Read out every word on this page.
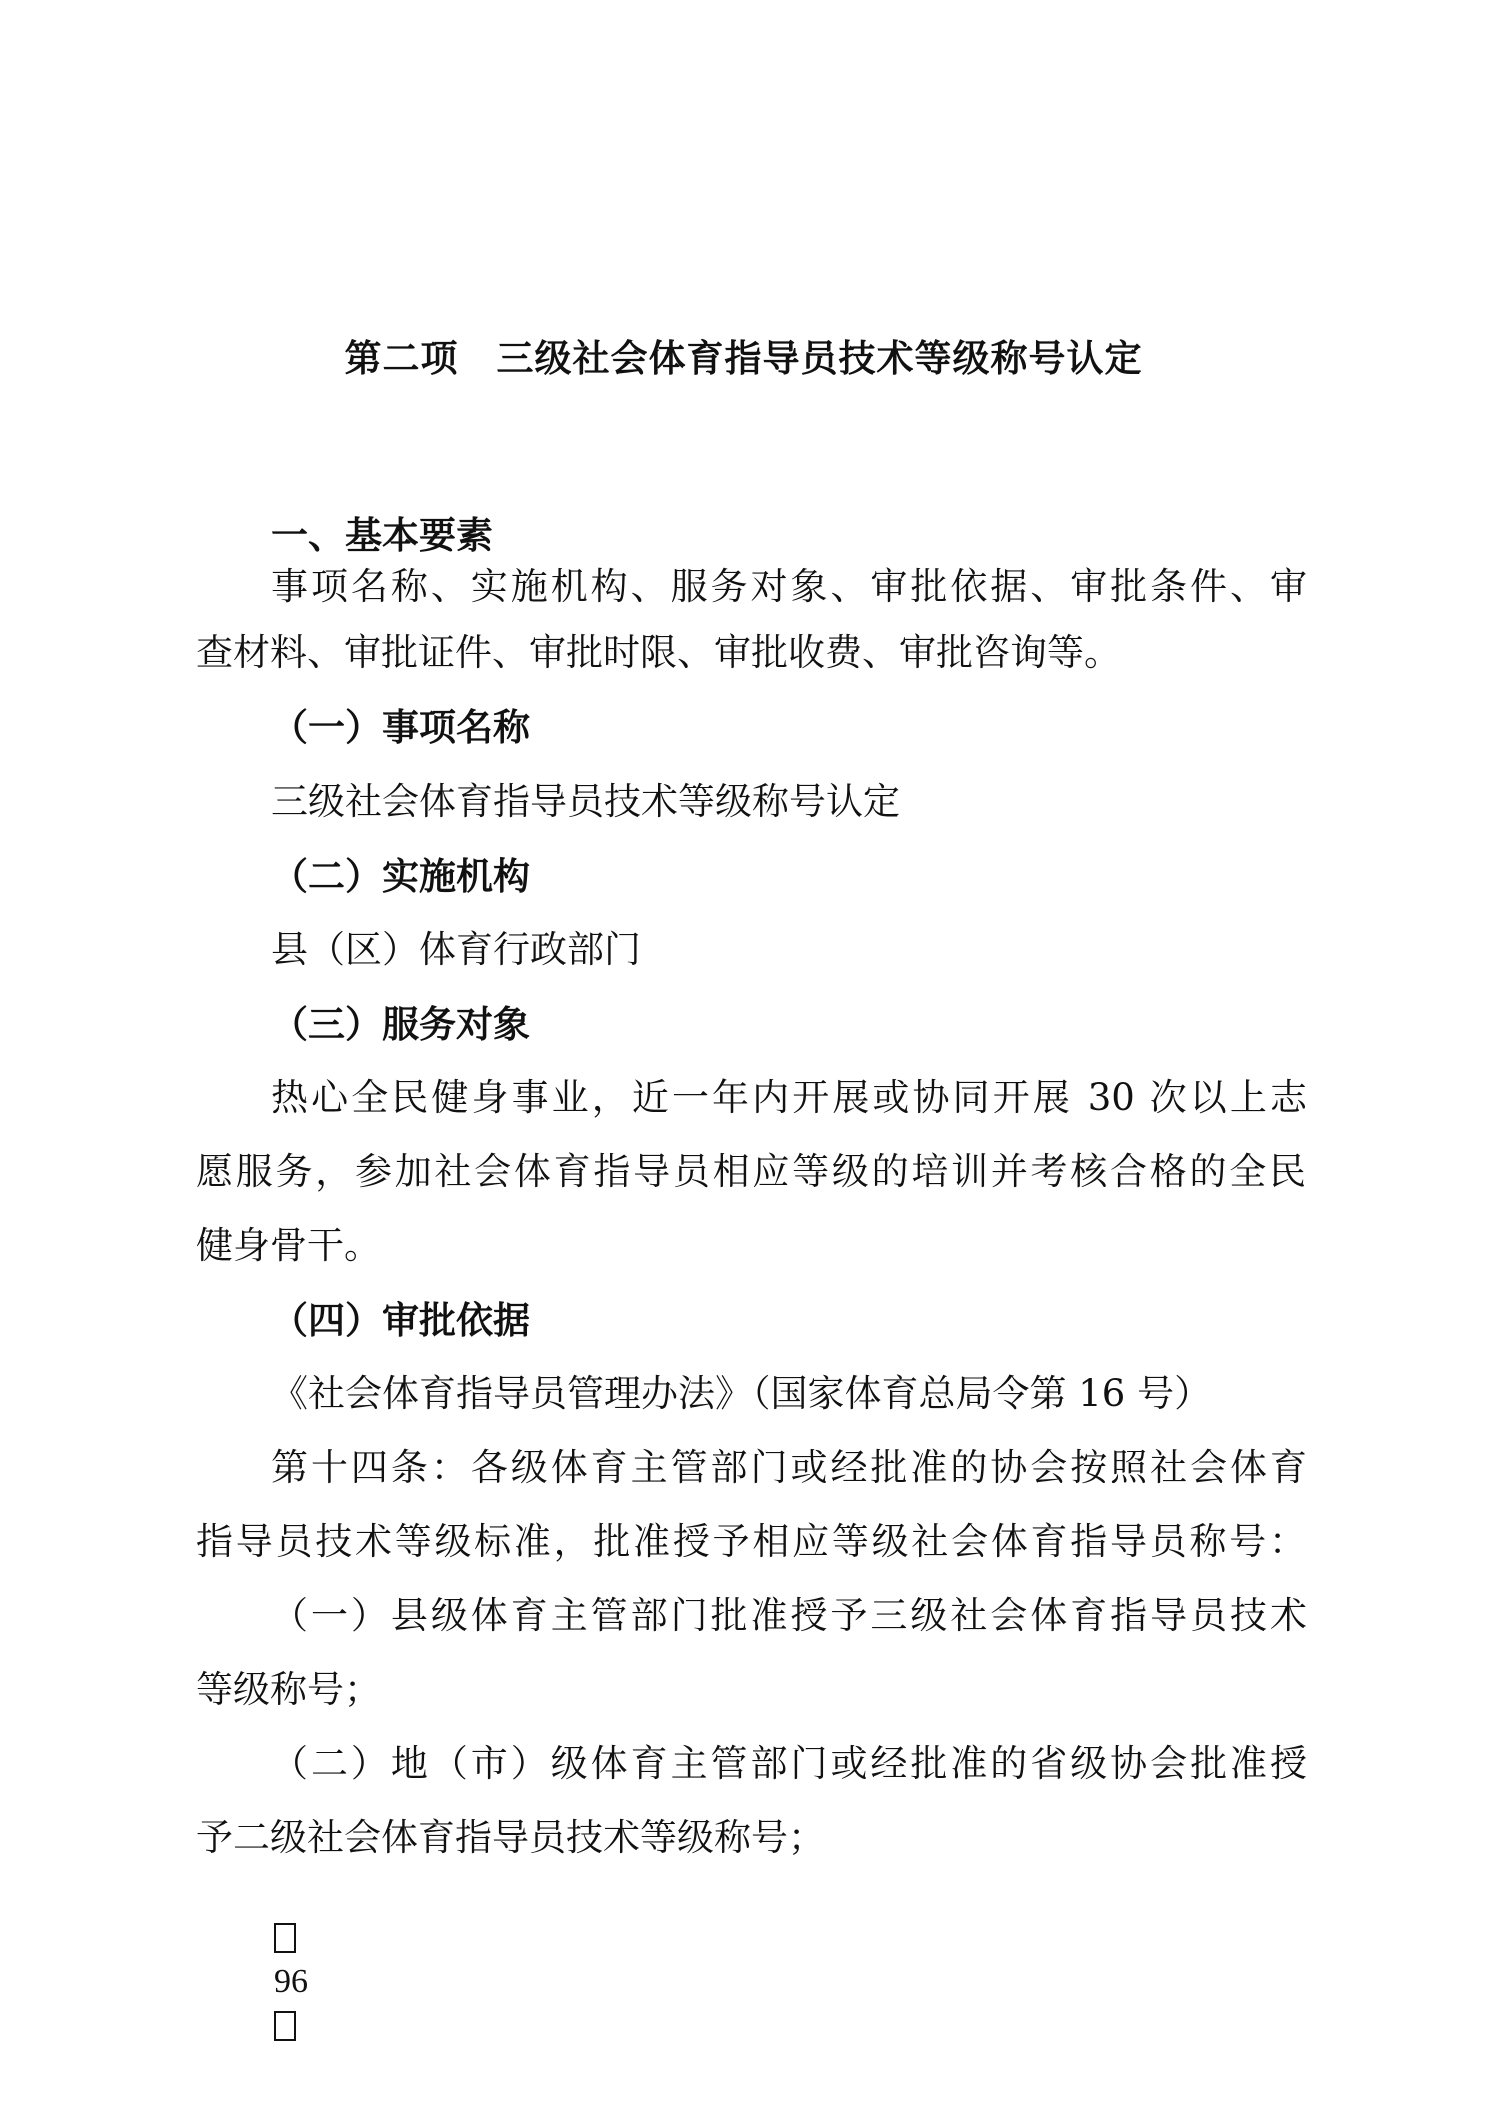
第二项　三级社会体育指导员技术等级称号认定
一、基本要素
事项名称、实施机构、服务对象、审批依据、审批条件、审
查材料、审批证件、审批时限、审批收费、审批咨询等。
（一）事项名称
三级社会体育指导员技术等级称号认定
（二）实施机构
县（区）体育行政部门
（三）服务对象
热心全民健身事业，近一年内开展或协同开展 30 次以上志
愿服务，参加社会体育指导员相应等级的培训并考核合格的全民
健身骨干。
（四）审批依据
《社会体育指导员管理办法》（国家体育总局令第 16 号）
第十四条：各级体育主管部门或经批准的协会按照社会体育
指导员技术等级标准，批准授予相应等级社会体育指导员称号：
（一）县级体育主管部门批准授予三级社会体育指导员技术
等级称号；
（二）地（市）级体育主管部门或经批准的省级协会批准授
予二级社会体育指导员技术等级称号；

96
